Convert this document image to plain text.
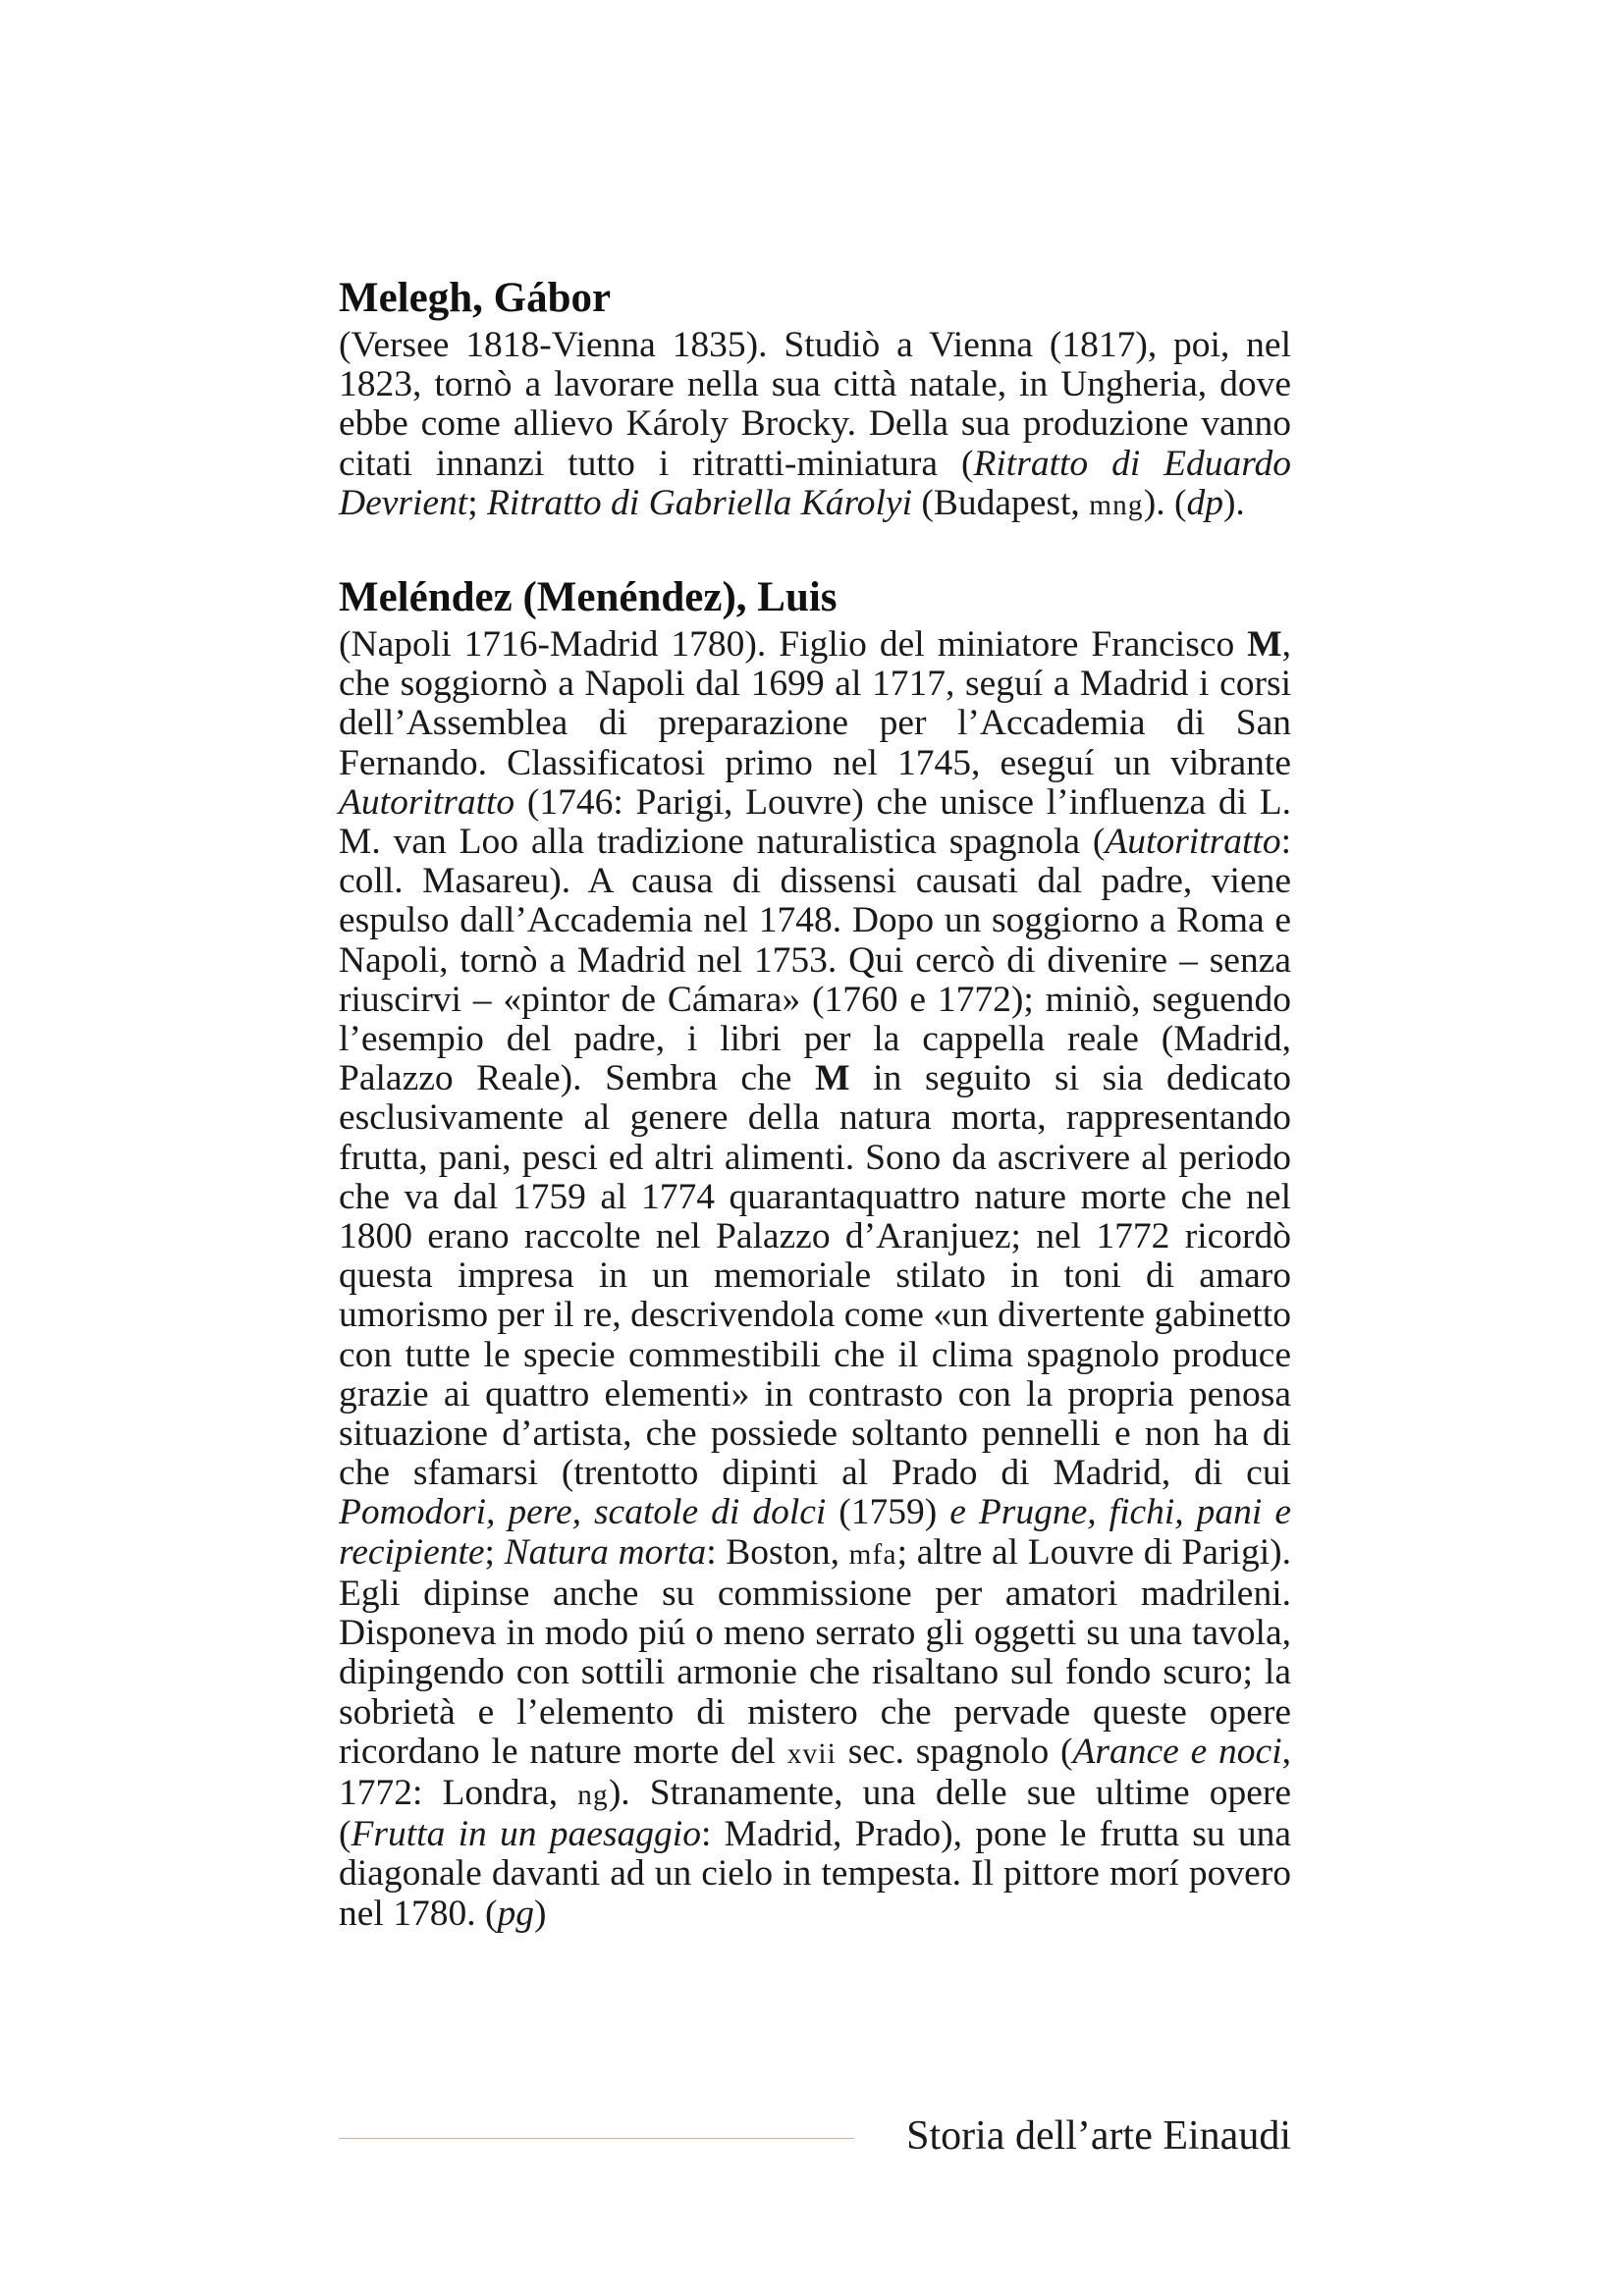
Melegh, Gábor

(Versee 1818-Vienna 1835). Studiò a Vienna (1817), poi, nel 1823, tornò a lavorare nella sua città natale, in Ungheria, dove ebbe come allievo Károly Brocky. Della sua produzione vanno citati innanzi tutto i ritratti-miniatura (Ritratto di Eduardo Devrient; Ritratto di Gabriella Károlyi (Budapest, mng). (dp).

Meléndez (Menéndez), Luis

(Napoli 1716-Madrid 1780). Figlio del miniatore Francisco M, che soggiornò a Napoli dal 1699 al 1717, seguí a Madrid i corsi dell’Assemblea di preparazione per l’Accademia di San Fernando. Classificatosi primo nel 1745, eseguí un vibrante Autoritratto (1746: Parigi, Louvre) che unisce l’influenza di L. M. van Loo alla tradizione naturalistica spagnola (Autoritratto: coll. Masareu). A causa di dissensi causati dal padre, viene espulso dall’Accademia nel 1748. Dopo un soggiorno a Roma e Napoli, tornò a Madrid nel 1753. Qui cercò di divenire – senza riuscirvi – «pintor de Cámara» (1760 e 1772); miniò, seguendo l’esempio del padre, i libri per la cappella reale (Madrid, Palazzo Reale). Sembra che M in seguito si sia dedicato esclusivamente al genere della natura morta, rappresentando frutta, pani, pesci ed altri alimenti. Sono da ascrivere al periodo che va dal 1759 al 1774 quarantaquattro nature morte che nel 1800 erano raccolte nel Palazzo d’Aranjuez; nel 1772 ricordò questa impresa in un memoriale stilato in toni di amaro umorismo per il re, descrivendola come «un divertente gabinetto con tutte le specie commestibili che il clima spagnolo produce grazie ai quattro elementi» in contrasto con la propria penosa situazione d’artista, che possiede soltanto pennelli e non ha di che sfamarsi (trentotto dipinti al Prado di Madrid, di cui Pomodori, pere, scatole di dolci (1759) e Prugne, fichi, pani e recipiente; Natura morta: Boston, mfa; altre al Louvre di Parigi). Egli dipinse anche su commissione per amatori madrileni. Disponeva in modo piú o meno serrato gli oggetti su una tavola, dipingendo con sottili armonie che risaltano sul fondo scuro; la sobrietà e l’elemento di mistero che pervade queste opere ricordano le nature morte del xvii sec. spagnolo (Arance e noci, 1772: Londra, ng). Stranamente, una delle sue ultime opere (Frutta in un paesaggio: Madrid, Prado), pone le frutta su una diagonale davanti ad un cielo in tempesta. Il pittore morí povero nel 1780. (pg)

Storia dell’arte Einaudi
